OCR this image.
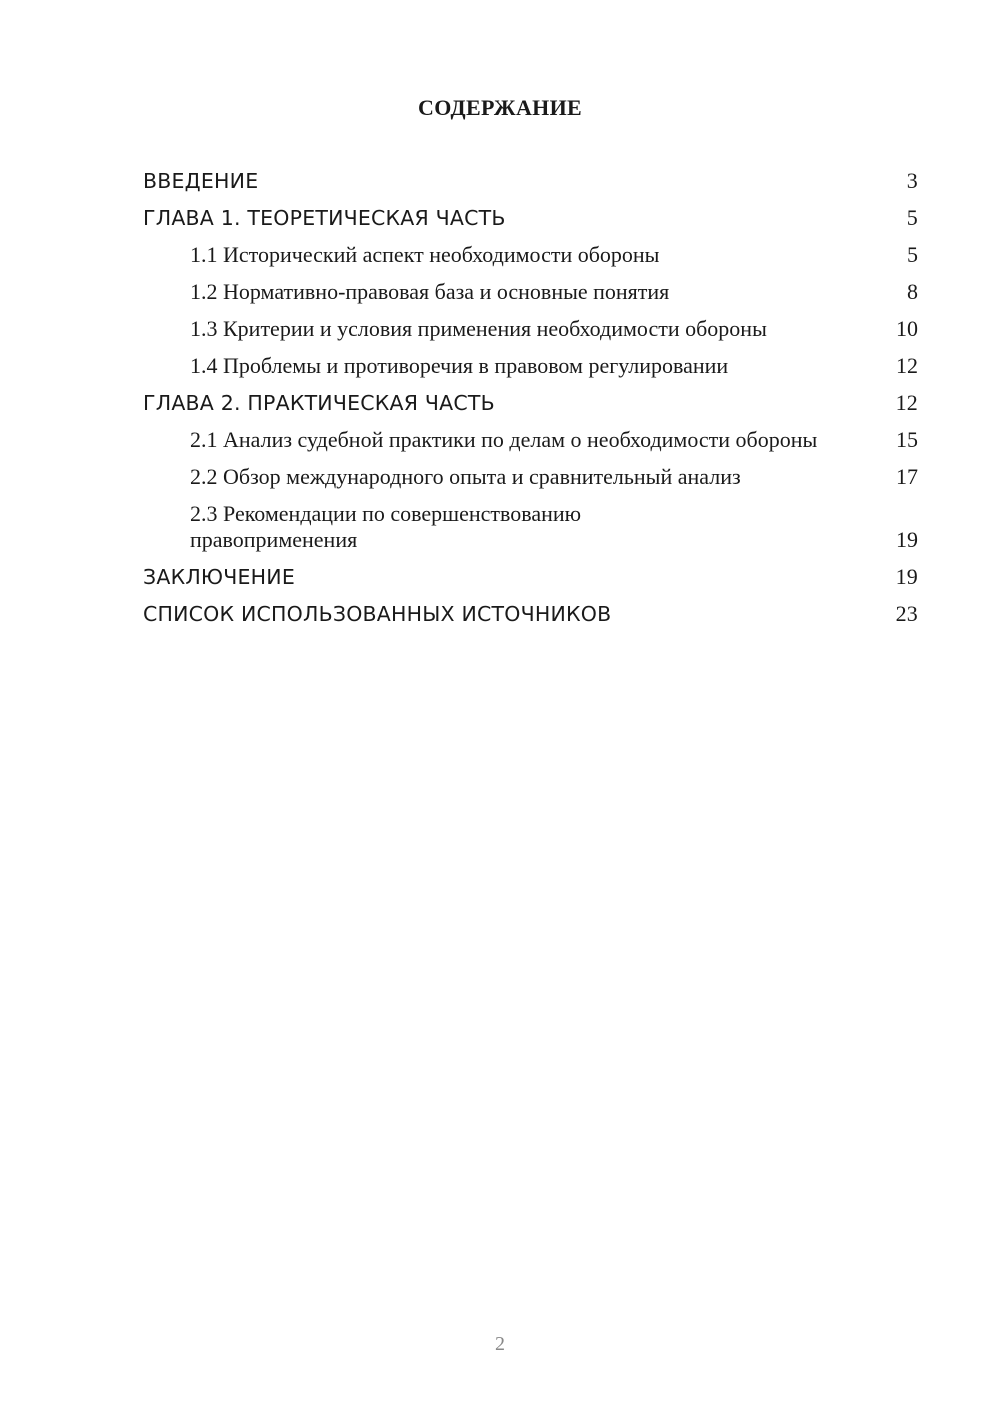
СОДЕРЖАНИЕ
ВВЕДЕНИЕ	3
ГЛАВА 1. ТЕОРЕТИЧЕСКАЯ ЧАСТЬ	5
1.1 Исторический аспект необходимости обороны	5
1.2 Нормативно-правовая база и основные понятия	8
1.3 Критерии и условия применения необходимости обороны	10
1.4 Проблемы и противоречия в правовом регулировании	12
ГЛАВА 2. ПРАКТИЧЕСКАЯ ЧАСТЬ	12
2.1 Анализ судебной практики по делам о необходимости обороны	15
2.2 Обзор международного опыта и сравнительный анализ	17
2.3 Рекомендации по совершенствованию правоприменения	19
ЗАКЛЮЧЕНИЕ	19
СПИСОК ИСПОЛЬЗОВАННЫХ ИСТОЧНИКОВ	23
2
